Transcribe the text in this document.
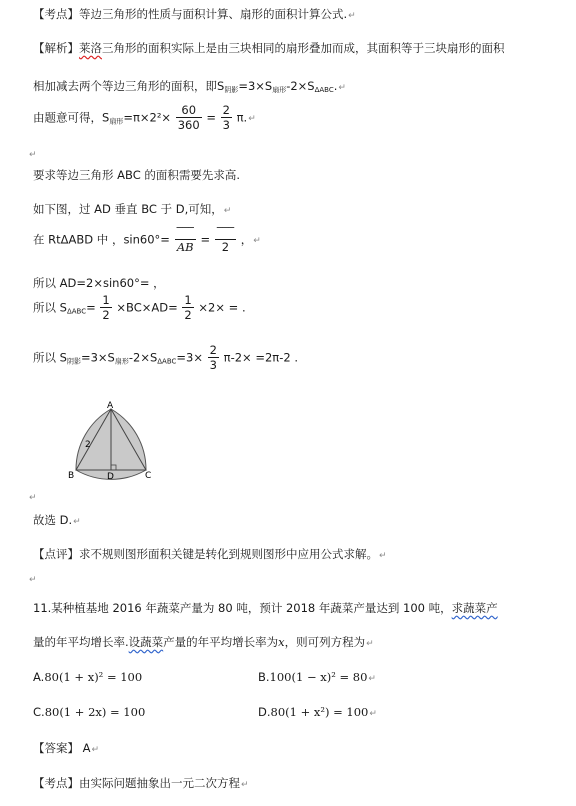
【考点】等边三角形的性质与面积计算、扇形的面积计算公式.↵
【解析】莱洛三角形的面积实际上是由三块相同的扇形叠加而成，其面积等于三块扇形的面积
相加减去两个等边三角形的面积，即$S_{阴影}=3\times S_{扇形}-2\times S_{\Delta ABC}.↵$
由题意可得，$S_{扇形}=\pi\times 2^2\times \frac{60}{360} = \frac{2}{3}$ π.↵
↵
要求等边三角形 ABC 的面积需要先求高.
如下图，过 AD 垂直 BC 于 D,可知，↵
在 RtΔABD 中 ，$\sin 60^\circ= \frac{‾‾‾}{AB} = \frac{‾‾‾}{2}$ ，↵
所以 AD=2×sin60°= ，
所以 $S_{\Delta ABC}= \frac{1}{2} \times BC\times AD= \frac{1}{2} \times 2\times$ = .
所以 $S_{阴影}=3\times S_{扇形}-2\times S_{\Delta ABC}=3\times \frac{2}{3} \pi-2\times =2\pi-2$ .
A
B	C
D
2
↵
故选 D.↵
【点评】求不规则图形面积关键是转化到规则图形中应用公式求解。↵
↵
11.某种植基地 2016 年蔬菜产量为 80 吨，预计 2018 年蔬菜产量达到 100 吨，求蔬菜产
量的年平均增长率.设蔬菜产量的年平均增长率为x，则可列方程为↵
A.80(1 + x)² = 100	B.100(1 − x)² = 80↵
C.80(1 + 2x) = 100	D.80(1 + x²) = 100↵
【答案】 A↵
【考点】由实际问题抽象出一元二次方程↵
